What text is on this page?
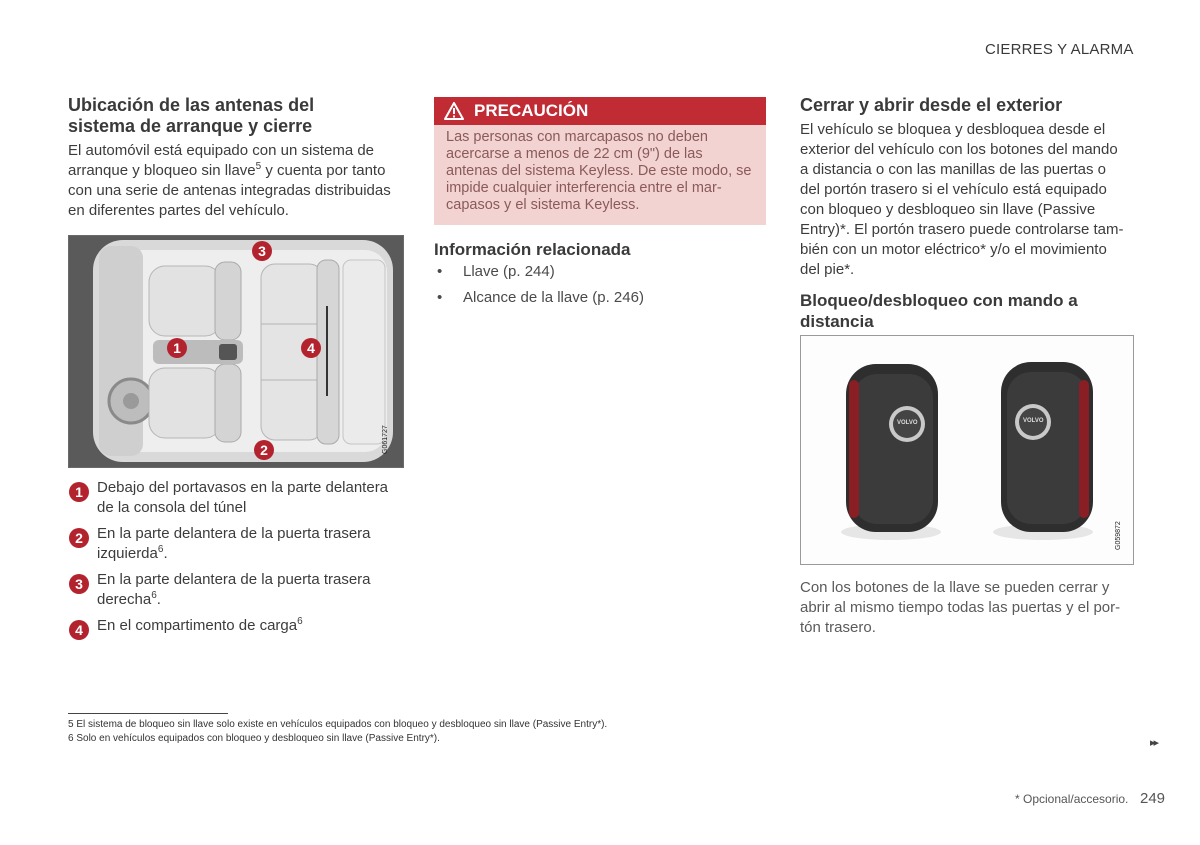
CIERRES Y ALARMA
Ubicación de las antenas del sistema de arranque y cierre
El automóvil está equipado con un sistema de arranque y bloqueo sin llave$^5$ y cuenta por tanto con una serie de antenas integradas distribuidas en diferentes partes del vehículo.
1
2
3
4
G061727
1 Debajo del portavasos en la parte delantera de la consola del túnel
2 En la parte delantera de la puerta trasera izquierda$^6$.
3 En la parte delantera de la puerta trasera derecha$^6$.
4 En el compartimento de carga$^6$
PRECAUCIÓN
Las personas con marcapasos no deben acercarse a menos de 22 cm (9") de las antenas del sistema Keyless. De este modo, se impide cualquier interferencia entre el marcapasos y el sistema Keyless.
Información relacionada
• Llave (p. 244)
• Alcance de la llave (p. 246)
Cerrar y abrir desde el exterior
El vehículo se bloquea y desbloquea desde el exterior del vehículo con los botones del mando a distancia o con las manillas de las puertas o del portón trasero si el vehículo está equipado con bloqueo y desbloqueo sin llave (Passive Entry)*. El portón trasero puede controlarse también con un motor eléctrico* y/o el movimiento del pie*.
Bloqueo/desbloqueo con mando a distancia
VOLVO	VOLVO
G059872
Con los botones de la llave se pueden cerrar y abrir al mismo tiempo todas las puertas y el portón trasero.
5 El sistema de bloqueo sin llave solo existe en vehículos equipados con bloqueo y desbloqueo sin llave (Passive Entry*).
6 Solo en vehículos equipados con bloqueo y desbloqueo sin llave (Passive Entry*).	▸▸
* Opcional/accesorio. 249
